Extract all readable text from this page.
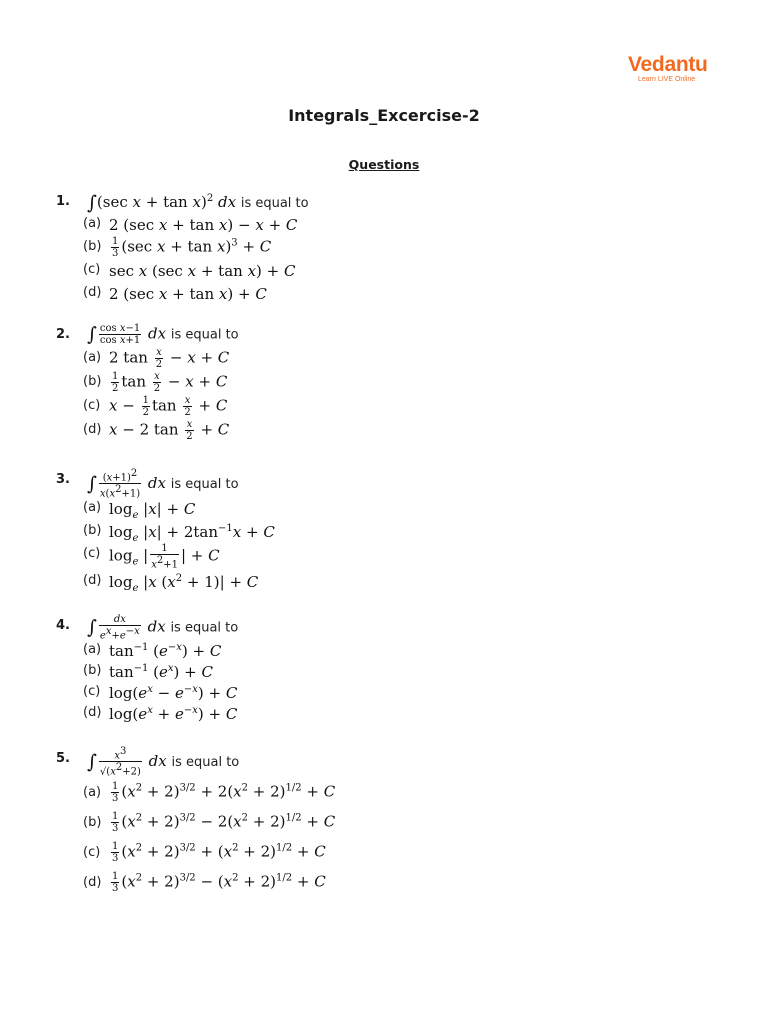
Vedantu
Learn LIVE Online
Integrals_Excercise-2
Questions
1. ∫(sec x + tan x)$^2$ dx is equal to
(a) 2 (sec x + tan x) − x + C
$(b) \frac{1}{3} (\sec$ x + tan x)$^3$ + C
(c) sec x (sec x + tan x) + C
(d) 2 (sec x + tan x) + C
2. ∫ $\frac{\text{cos x−1}}{\text{cos x+1}}$ dx is equal to
(a) 2 $\tan \frac{x}{2} - x + C$
$(b) \frac{1}{2}$ $\tan \frac{x}{2} - x + C$
(c) $x - \frac{1}{2}$ $\tan \frac{x}{2} + C$
(d) x − 2 $\tan \frac{x}{2} + C$
3. ∫ $\frac{(x+1)^2}{x(x^2+1)}$ dx is equal to
(a) $\log_e |x| + C$
(b) $\log_e |x| + 2\tan^{-1}x + C$
(c) $\log_e$ | $\frac{1}{x^2+1}$ | + C
(d) $\log_e |x$ $(x^2 + 1)| + C$
4. ∫ $\frac{dx}{e^x+e^{-x}}$ dx is equal to
(a) $\tan^{-1} (e^{-x}) + C$
(b) $\tan^{-1} (e^x) + C$
(c) $\log(e^x - e^{-x}) + C$
(d) $\log(e^x + e^{-x}) + C$
5. ∫ $\frac{x^3}{√(x^2+2)}$ dx is equal to
$(a) \frac{1}{3} (x^2 + 2)^{3/2} + 2(x^2 + 2)^{1/2} + C$
$(b) \frac{1}{3} (x^2 + 2)^{3/2} - 2(x^2 + 2)^{1/2} + C$
$(c) \frac{1}{3} (x^2 + 2)^{3/2} + (x^2 + 2)^{1/2} + C$
$(d) \frac{1}{3} (x^2 + 2)^{3/2} - (x^2 + 2)^{1/2} + C$
